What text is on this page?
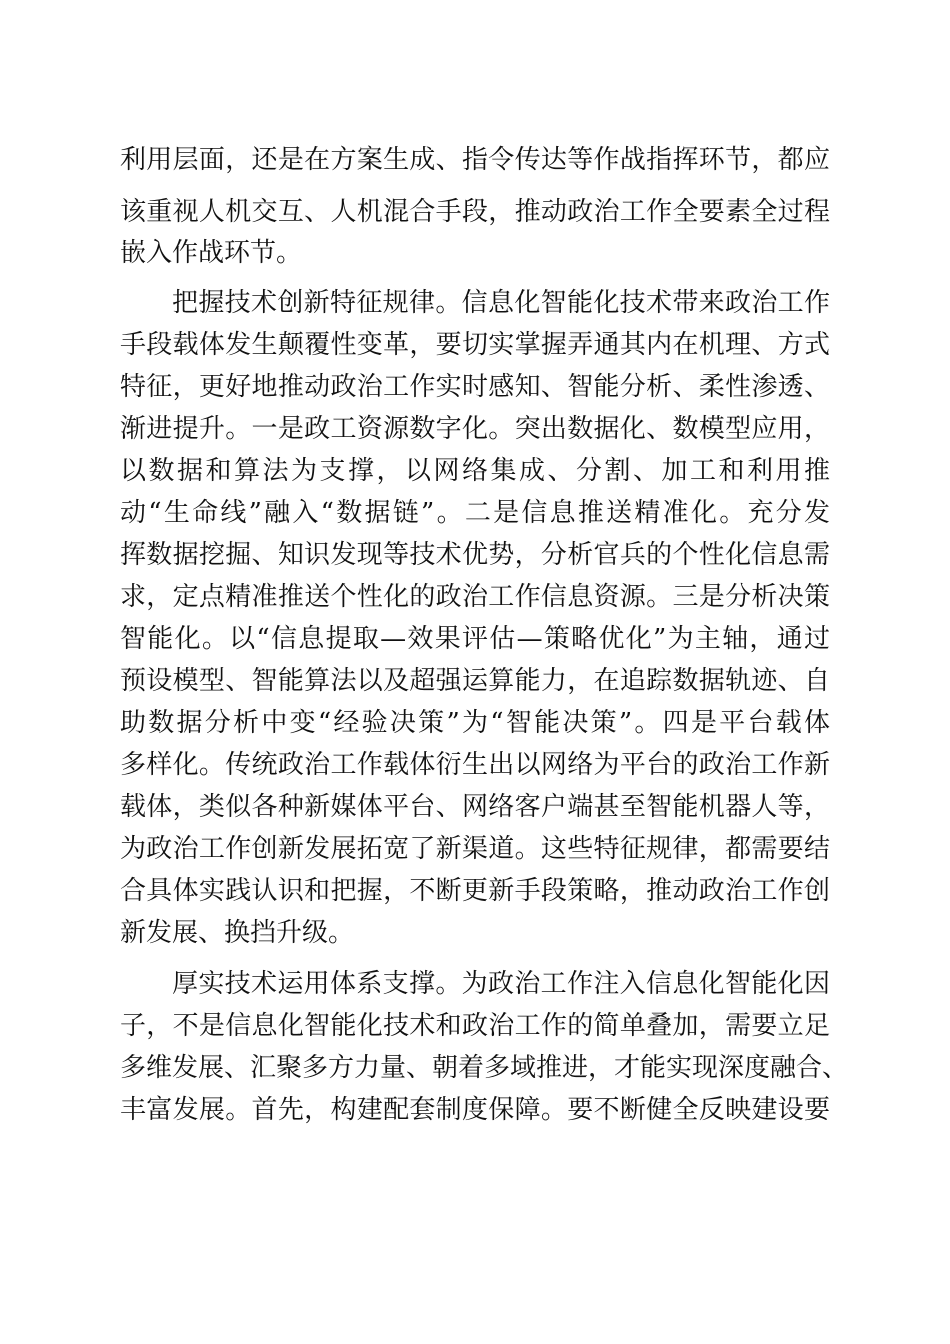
利用层面，还是在方案生成、指令传达等作战指挥环节，都应
该重视人机交互、人机混合手段，推动政治工作全要素全过程
嵌入作战环节。
把握技术创新特征规律。信息化智能化技术带来政治工作
手段载体发生颠覆性变革，要切实掌握弄通其内在机理、方式
特征，更好地推动政治工作实时感知、智能分析、柔性渗透、
渐进提升。一是政工资源数字化。突出数据化、数模型应用，
以数据和算法为支撑，以网络集成、分割、加工和利用推
动“生命线”融入“数据链”。二是信息推送精准化。充分发
挥数据挖掘、知识发现等技术优势，分析官兵的个性化信息需
求，定点精准推送个性化的政治工作信息资源。三是分析决策
智能化。以“信息提取—效果评估—策略优化”为主轴，通过
预设模型、智能算法以及超强运算能力，在追踪数据轨迹、自
助数据分析中变“经验决策”为“智能决策”。四是平台载体
多样化。传统政治工作载体衍生出以网络为平台的政治工作新
载体，类似各种新媒体平台、网络客户端甚至智能机器人等，
为政治工作创新发展拓宽了新渠道。这些特征规律，都需要结
合具体实践认识和把握，不断更新手段策略，推动政治工作创
新发展、换挡升级。
厚实技术运用体系支撑。为政治工作注入信息化智能化因
子，不是信息化智能化技术和政治工作的简单叠加，需要立足
多维发展、汇聚多方力量、朝着多域推进，才能实现深度融合、
丰富发展。首先，构建配套制度保障。要不断健全反映建设要
